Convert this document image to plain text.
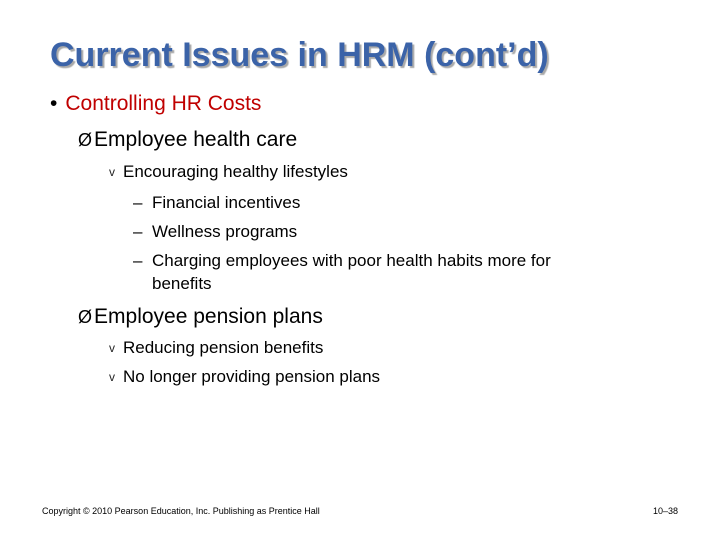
Current Issues in HRM (cont’d)
• Controlling HR Costs
ØEmployee health care
v Encouraging healthy lifestyles
– Financial incentives
– Wellness programs
– Charging employees with poor health habits more for
benefits
ØEmployee pension plans
v Reducing pension benefits
v No longer providing pension plans
Copyright © 2010 Pearson Education, Inc. Publishing as Prentice Hall	10–38
